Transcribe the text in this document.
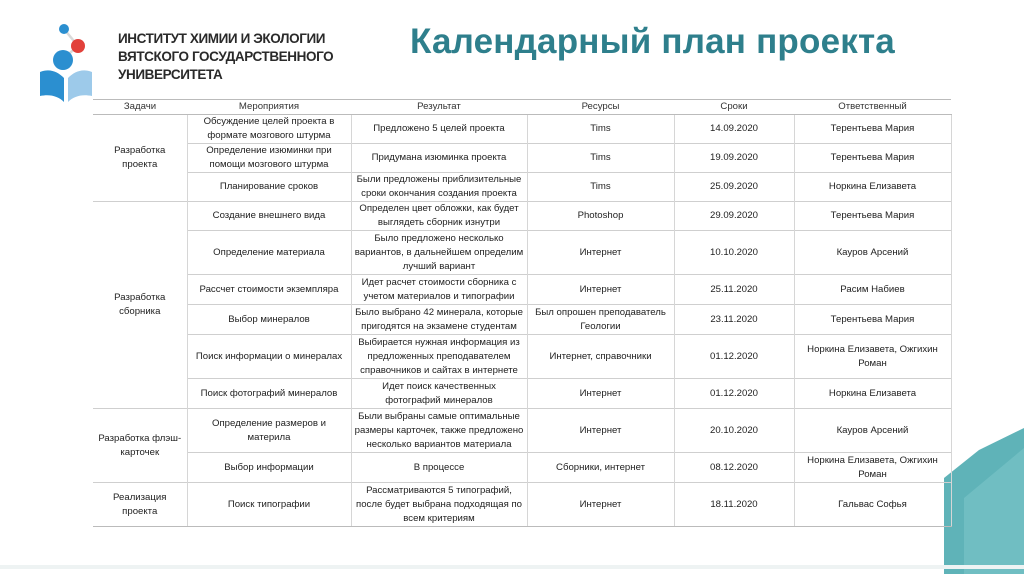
ИНСТИТУТ ХИМИИ И ЭКОЛОГИИ
ВЯТСКОГО ГОСУДАРСТВЕННОГО
УНИВЕРСИТЕТА
Календарный план проекта
Задачи	Мероприятия	Результат	Ресурсы	Сроки	Ответственный
Разработка проекта	Обсуждение целей проекта в формате мозгового штурма	Предложено 5 целей проекта	Tims	14.09.2020	Терентьева Мария
	Определение изюминки при помощи мозгового штурма	Придумана изюминка проекта	Tims	19.09.2020	Терентьева Мария
	Планирование сроков	Были предложены приблизительные сроки окончания создания проекта	Tims	25.09.2020	Норкина Елизавета
Разработка сборника	Создание внешнего вида	Определен цвет обложки, как будет выглядеть сборник изнутри	Photoshop	29.09.2020	Терентьева Мария
	Определение материала	Было предложено несколько вариантов, в дальнейшем определим лучший вариант	Интернет	10.10.2020	Кауров Арсений
	Рассчет стоимости экземпляра	Идет расчет стоимости сборника с учетом материалов и типографии	Интернет	25.11.2020	Расим Набиев
	Выбор минералов	Было выбрано 42 минерала, которые пригодятся на экзамене студентам	Был опрошен преподаватель Геологии	23.11.2020	Терентьева Мария
	Поиск информации о минералах	Выбирается нужная информация из предложенных преподавателем справочников и сайтах в интернете	Интернет, справочники	01.12.2020	Норкина Елизавета, Ожгихин Роман
	Поиск фотографий минералов	Идет поиск качественных фотографий минералов	Интернет	01.12.2020	Норкина Елизавета
Разработка флэш-карточек	Определение размеров и материла	Были выбраны самые оптимальные размеры карточек, также предложено несколько вариантов материала	Интернет	20.10.2020	Кауров Арсений
	Выбор информации	В процессе	Сборники, интернет	08.12.2020	Норкина Елизавета, Ожгихин Роман
Реализация проекта	Поиск типографии	Рассматриваются 5 типографий, после будет выбрана подходящая по всем критериям	Интернет	18.11.2020	Гальвас Софья
